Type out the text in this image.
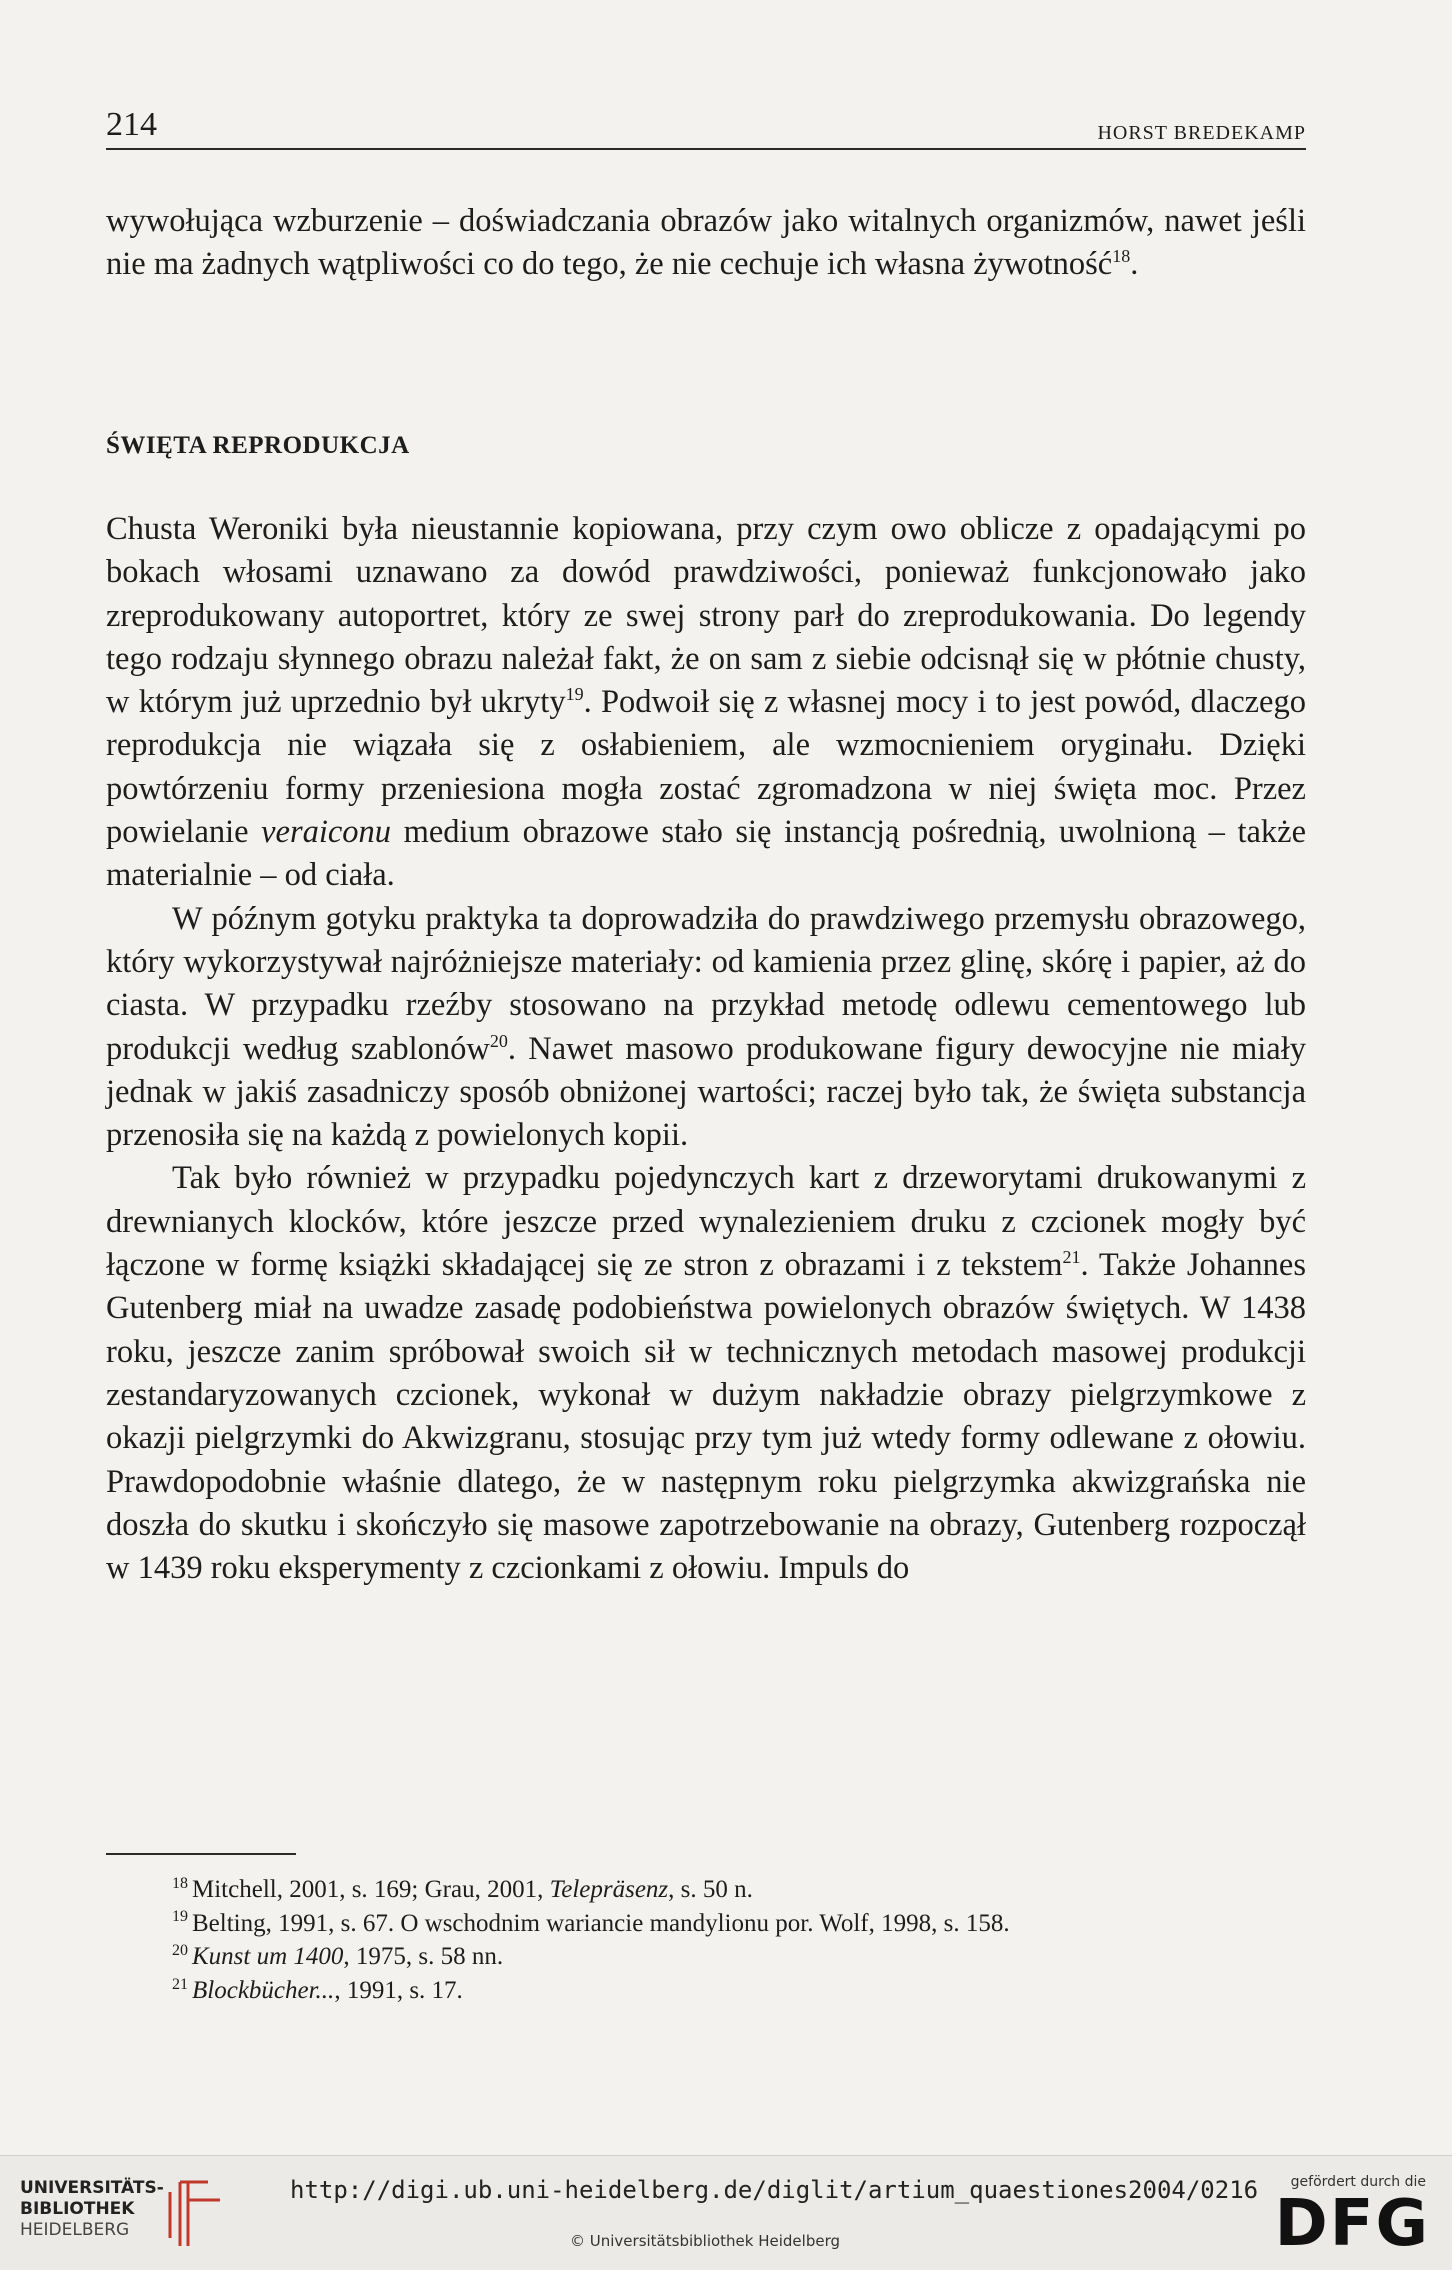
214	HORST BREDEKAMP

wywołująca wzburzenie – doświadczania obrazów jako witalnych organizmów, nawet jeśli nie ma żadnych wątpliwości co do tego, że nie cechuje ich własna żywotność$^{18}$.

ŚWIĘTA REPRODUKCJA

Chusta Weroniki była nieustannie kopiowana, przy czym owo oblicze z opadającymi po bokach włosami uznawano za dowód prawdziwości, ponieważ funkcjonowało jako zreprodukowany autoportret, który ze swej strony parł do zreprodukowania. Do legendy tego rodzaju słynnego obrazu należał fakt, że on sam z siebie odcisnął się w płótnie chusty, w którym już uprzednio był ukryty$^{19}$. Podwoił się z własnej mocy i to jest powód, dlaczego reprodukcja nie wiązała się z osłabieniem, ale wzmocnieniem oryginału. Dzięki powtórzeniu formy przeniesiona mogła zostać zgromadzona w niej święta moc. Przez powielanie veraiconu medium obrazowe stało się instancją pośrednią, uwolnioną – także materialnie – od ciała.

W późnym gotyku praktyka ta doprowadziła do prawdziwego przemysłu obrazowego, który wykorzystywał najróżniejsze materiały: od kamienia przez glinę, skórę i papier, aż do ciasta. W przypadku rzeźby stosowano na przykład metodę odlewu cementowego lub produkcji według szablonów$^{20}$. Nawet masowo produkowane figury dewocyjne nie miały jednak w jakiś zasadniczy sposób obniżonej wartości; raczej było tak, że święta substancja przenosiła się na każdą z powielonych kopii.

Tak było również w przypadku pojedynczych kart z drzeworytami drukowanymi z drewnianych klocków, które jeszcze przed wynalezieniem druku z czcionek mogły być łączone w formę książki składającej się ze stron z obrazami i z tekstem$^{21}$. Także Johannes Gutenberg miał na uwadze zasadę podobieństwa powielonych obrazów świętych. W 1438 roku, jeszcze zanim spróbował swoich sił w technicznych metodach masowej produkcji zestandaryzowanych czcionek, wykonał w dużym nakładzie obrazy pielgrzymkowe z okazji pielgrzymki do Akwizgranu, stosując przy tym już wtedy formy odlewane z ołowiu. Prawdopodobnie właśnie dlatego, że w następnym roku pielgrzymka akwizgrańska nie doszła do skutku i skończyło się masowe zapotrzebowanie na obrazy, Gutenberg rozpoczął w 1439 roku eksperymenty z czcionkami z ołowiu. Impuls do

$^{18}$ Mitchell, 2001, s. 169; Grau, 2001, Telepräsenz, s. 50 n.

$^{19}$ Belting, 1991, s. 67. O wschodnim wariancie mandylionu por. Wolf, 1998, s. 158.

$^{20}$ Kunst um 1400, 1975, s. 58 nn.

$^{21}$ Blockbücher..., 1991, s. 17.

UNIVERSITÄTS-
BIBLIOTHEK
HEIDELBERG
http://digi.ub.uni-heidelberg.de/diglit/artium_quaestiones2004/0216
© Universitätsbibliothek Heidelberg
gefördert durch die
DFG
